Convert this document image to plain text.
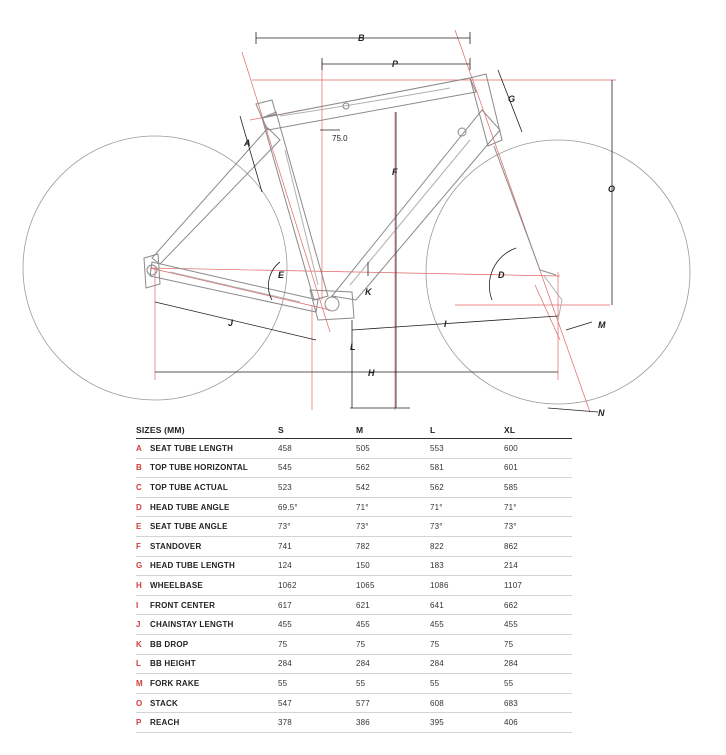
B
P
A
G
O
F
75.0
E	D
K
J	I	M
L
H
N
SIZES (MM)		S	M	L	XL
A	SEAT TUBE LENGTH	458	505	553	600
B	TOP TUBE HORIZONTAL	545	562	581	601
C	TOP TUBE ACTUAL	523	542	562	585
D	HEAD TUBE ANGLE	69.5°	71°	71°	71°
E	SEAT TUBE ANGLE	73°	73°	73°	73°
F	STANDOVER	741	782	822	862
G	HEAD TUBE LENGTH	124	150	183	214
H	WHEELBASE	1062	1065	1086	1107
I	FRONT CENTER	617	621	641	662
J	CHAINSTAY LENGTH	455	455	455	455
K	BB DROP	75	75	75	75
L	BB HEIGHT	284	284	284	284
M	FORK RAKE	55	55	55	55
O	STACK	547	577	608	683
P	REACH	378	386	395	406
